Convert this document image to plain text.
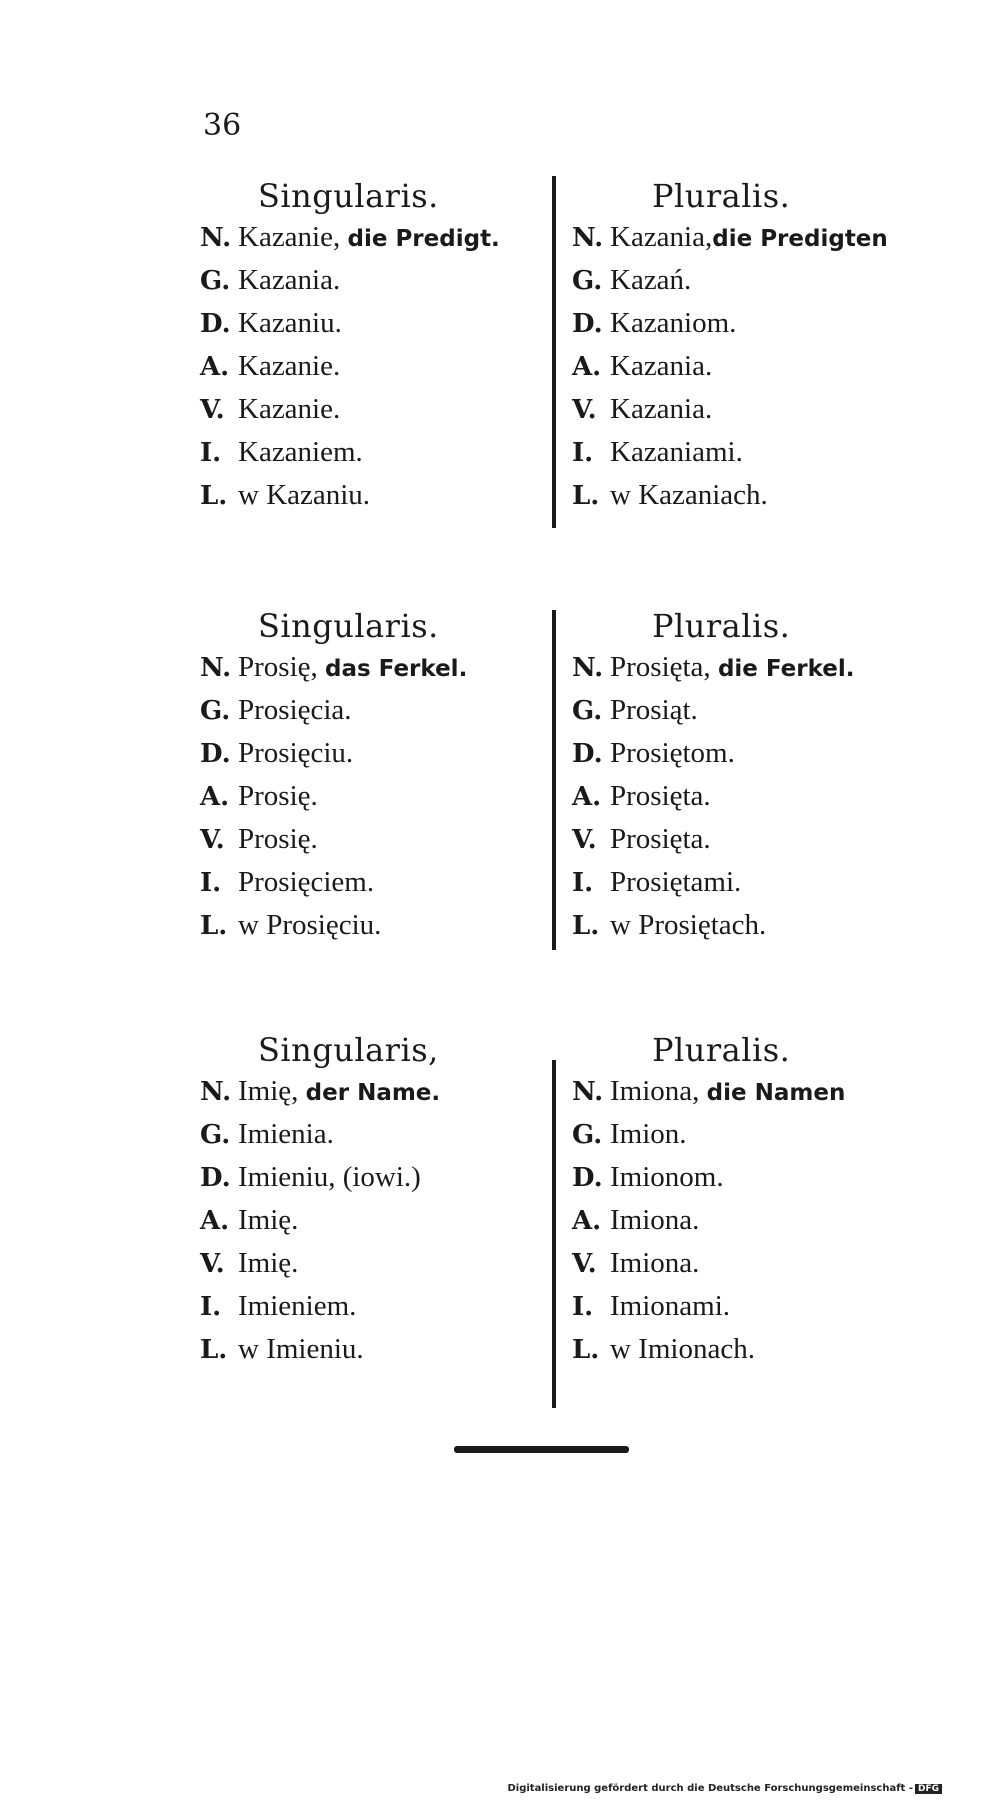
36
Singularis.
N. Kazanie, die Predigt.
G. Kazania.
D. Kazaniu.
A. Kazanie.
V. Kazanie.
I. Kazaniem.
L. w Kazaniu.
Pluralis.
N. Kazania,die Predigten
G. Kazań.
D. Kazaniom.
A. Kazania.
V. Kazania.
I. Kazaniami.
L. w Kazaniach.
Singularis.
N. Prosię, das Ferkel.
G. Prosięcia.
D. Prosięciu.
A. Prosię.
V. Prosię.
I. Prosięciem.
L. w Prosięciu.
Pluralis.
N. Prosięta, die Ferkel.
G. Prosiąt.
D. Prosiętom.
A. Prosięta.
V. Prosięta.
I. Prosiętami.
L. w Prosiętach.
Singularis,
N. Imię, der Name.
G. Imienia.
D. Imieniu, (iowi.)
A. Imię.
V. Imię.
I. Imieniem.
L. w Imieniu.
Pluralis.
N. Imiona, die Namen
G. Imion.
D. Imionom.
A. Imiona.
V. Imiona.
I. Imionami.
L. w Imionach.
Digitalisierung gefördert durch die Deutsche Forschungsgemeinschaft - DFG
